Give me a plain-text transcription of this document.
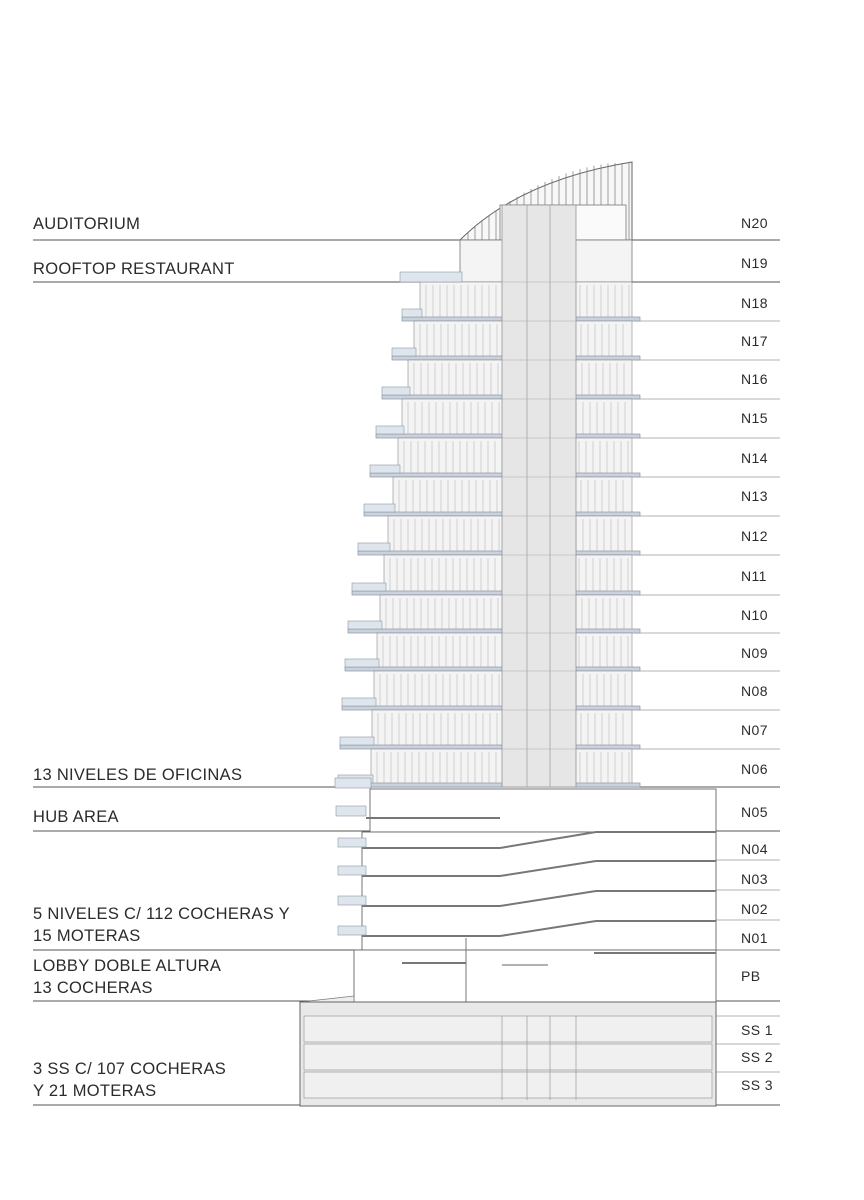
AUDITORIUM
ROOFTOP RESTAURANT
13 NIVELES DE OFICINAS
HUB AREA
5 NIVELES C/ 112 COCHERAS Y
15 MOTERAS
LOBBY DOBLE ALTURA
13 COCHERAS
3 SS C/ 107 COCHERAS
Y 21 MOTERAS
N20
N19
N18
N17
N16
N15
N14
N13
N12
N11
N10
N09
N08
N07
N06
N05
N04
N03
N02
N01
PB
SS 1
SS 2
SS 3
